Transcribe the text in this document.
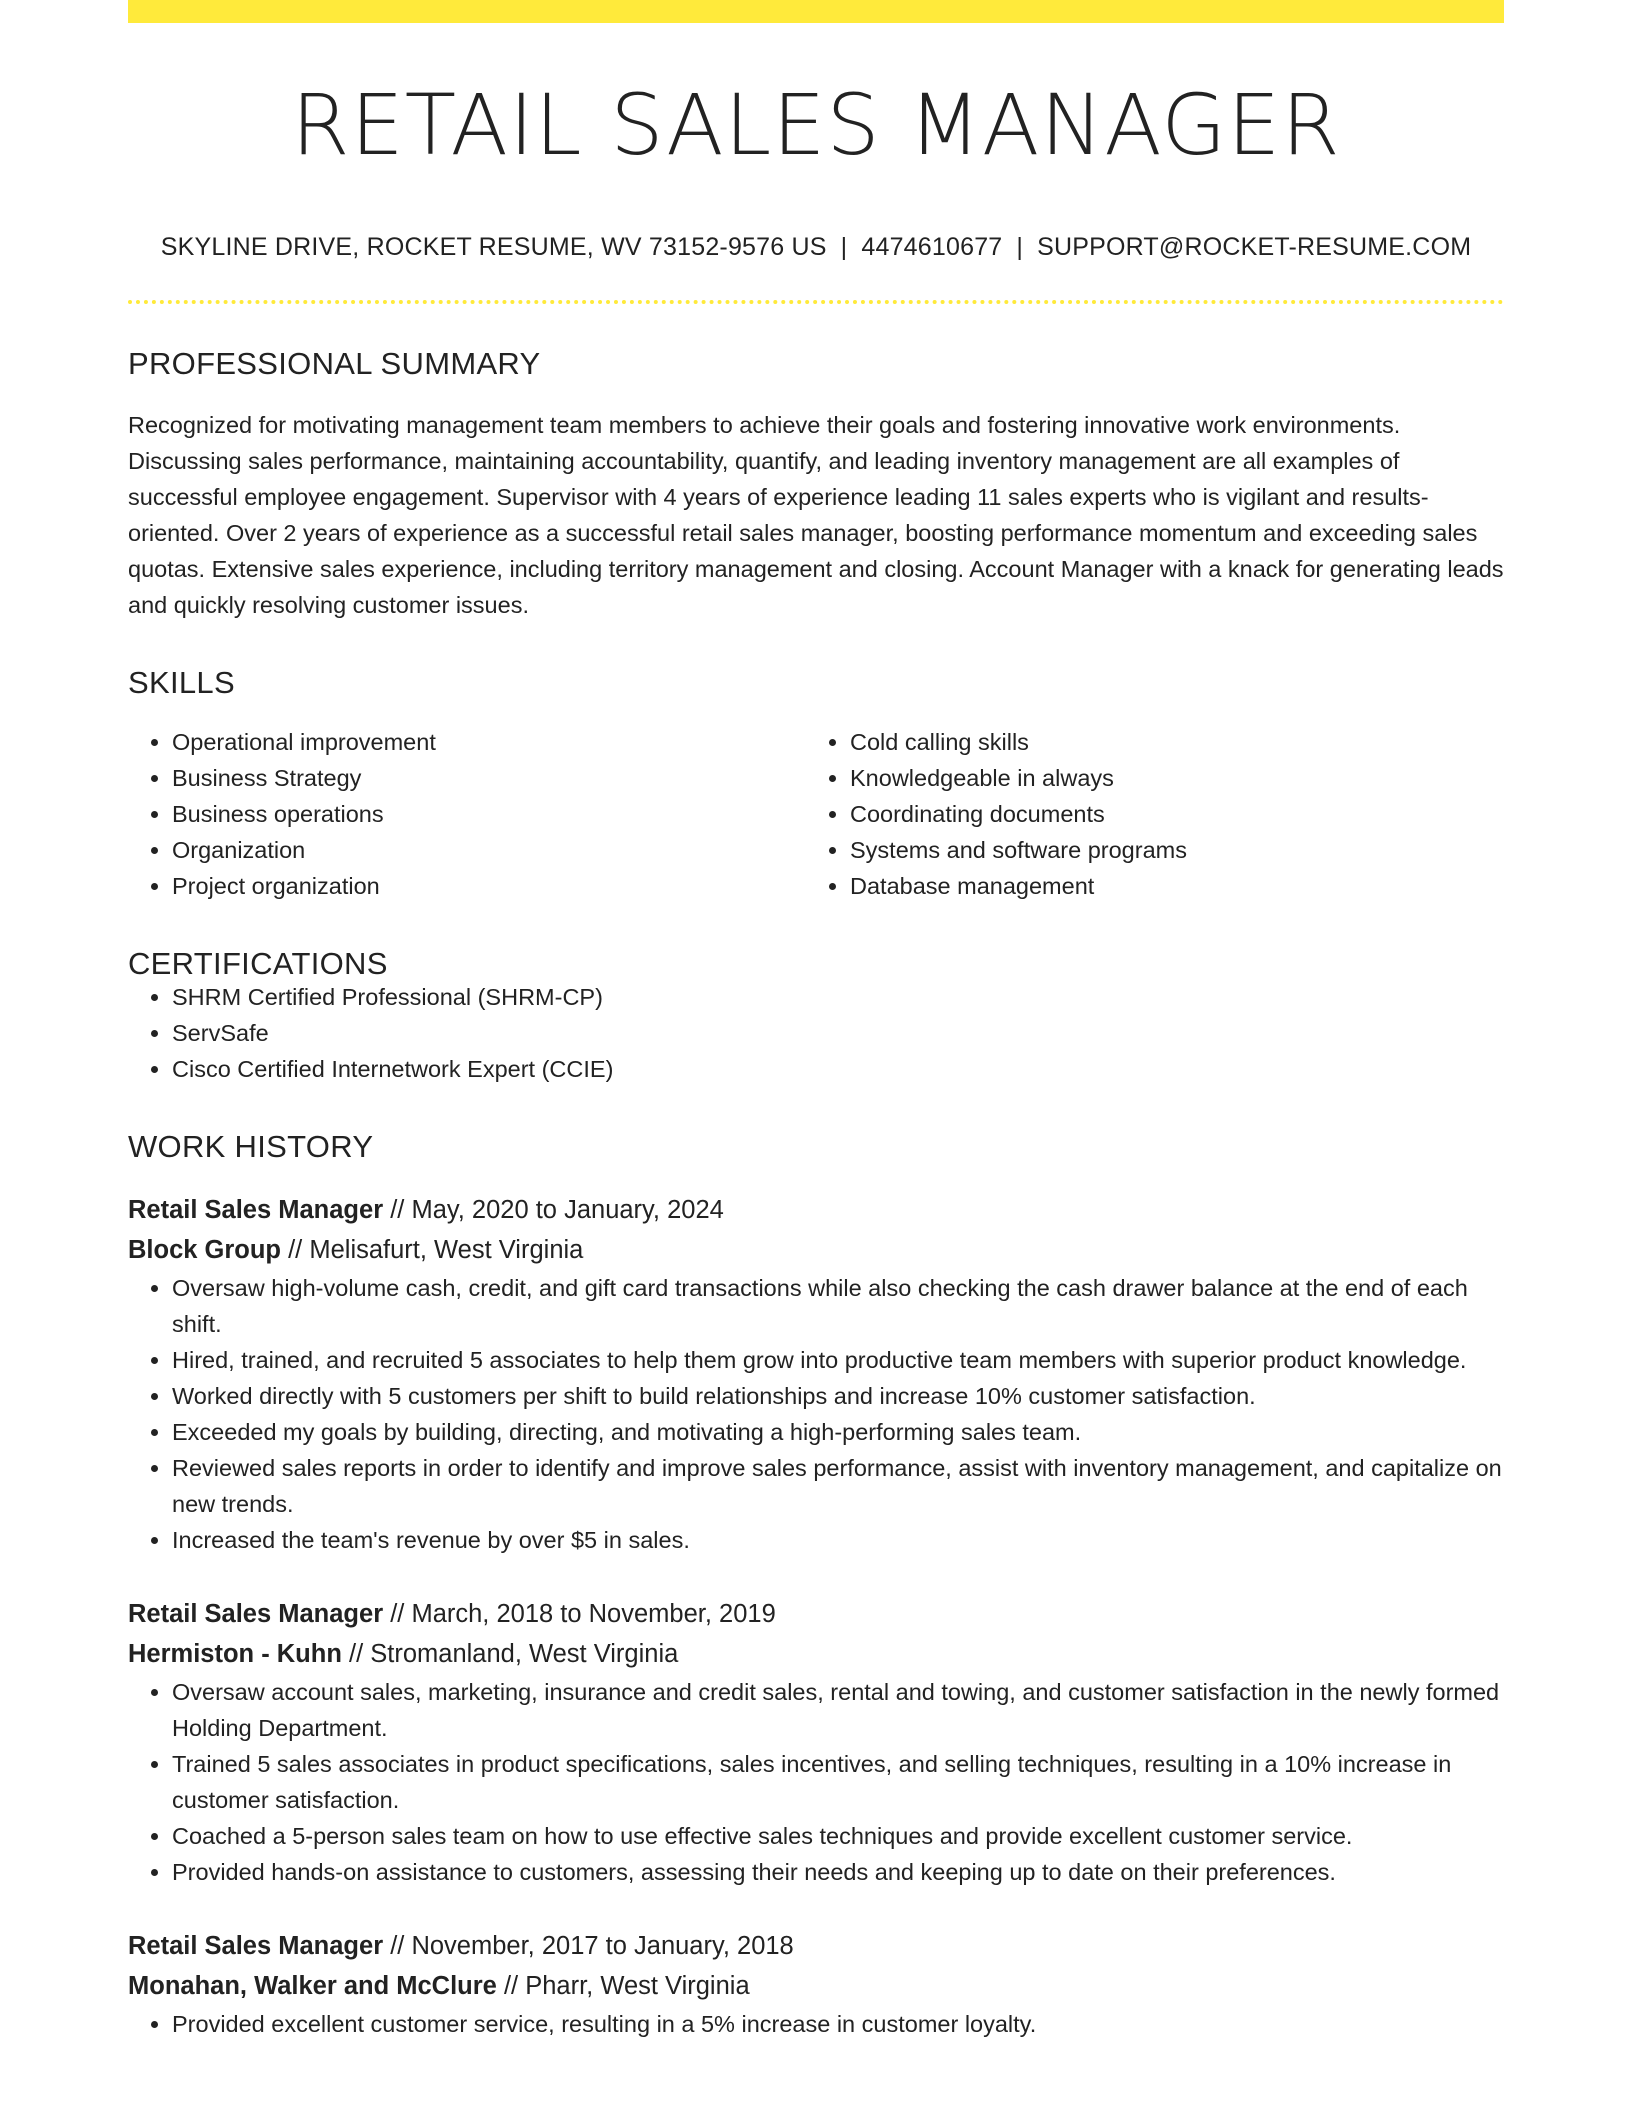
RETAIL SALES MANAGER
SKYLINE DRIVE, ROCKET RESUME, WV 73152-9576 US | 4474610677 | SUPPORT@ROCKET-RESUME.COM
PROFESSIONAL SUMMARY

Recognized for motivating management team members to achieve their goals and fostering innovative work environments. Discussing sales performance, maintaining accountability, quantify, and leading inventory management are all examples of successful employee engagement. Supervisor with 4 years of experience leading 11 sales experts who is vigilant and results-oriented. Over 2 years of experience as a successful retail sales manager, boosting performance momentum and exceeding sales quotas. Extensive sales experience, including territory management and closing. Account Manager with a knack for generating leads and quickly resolving customer issues.

SKILLS
• Operational improvement
• Business Strategy
• Business operations
• Organization
• Project organization
• Cold calling skills
• Knowledgeable in always
• Coordinating documents
• Systems and software programs
• Database management
CERTIFICATIONS
• SHRM Certified Professional (SHRM-CP)
• ServSafe
• Cisco Certified Internetwork Expert (CCIE)
WORK HISTORY
Retail Sales Manager // May, 2020 to January, 2024
Block Group // Melisafurt, West Virginia
• Oversaw high-volume cash, credit, and gift card transactions while also checking the cash drawer balance at the end of each shift.
• Hired, trained, and recruited 5 associates to help them grow into productive team members with superior product knowledge.
• Worked directly with 5 customers per shift to build relationships and increase 10% customer satisfaction.
• Exceeded my goals by building, directing, and motivating a high-performing sales team.
• Reviewed sales reports in order to identify and improve sales performance, assist with inventory management, and capitalize on new trends.
• Increased the team's revenue by over $5 in sales.
Retail Sales Manager // March, 2018 to November, 2019
Hermiston - Kuhn // Stromanland, West Virginia
• Oversaw account sales, marketing, insurance and credit sales, rental and towing, and customer satisfaction in the newly formed Holding Department.
• Trained 5 sales associates in product specifications, sales incentives, and selling techniques, resulting in a 10% increase in customer satisfaction.
• Coached a 5-person sales team on how to use effective sales techniques and provide excellent customer service.
• Provided hands-on assistance to customers, assessing their needs and keeping up to date on their preferences.
Retail Sales Manager // November, 2017 to January, 2018
Monahan, Walker and McClure // Pharr, West Virginia
• Provided excellent customer service, resulting in a 5% increase in customer loyalty.
